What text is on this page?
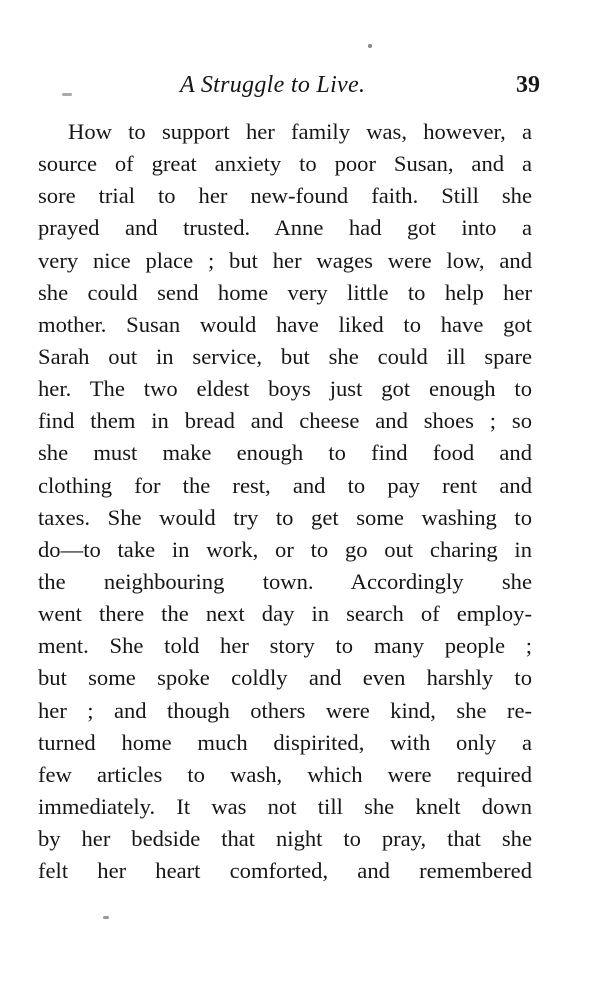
A Struggle to Live.	39
How to support her family was, however, a
source of great anxiety to poor Susan, and a
sore trial to her new-found faith. Still she
prayed and trusted. Anne had got into a
very nice place ; but her wages were low, and
she could send home very little to help her
mother. Susan would have liked to have got
Sarah out in service, but she could ill spare
her. The two eldest boys just got enough to
find them in bread and cheese and shoes ; so
she must make enough to find food and
clothing for the rest, and to pay rent and
taxes. She would try to get some washing to
do—to take in work, or to go out charing in
the neighbouring town. Accordingly she
went there the next day in search of employ-
ment. She told her story to many people ;
but some spoke coldly and even harshly to
her ; and though others were kind, she re-
turned home much dispirited, with only a
few articles to wash, which were required
immediately. It was not till she knelt down
by her bedside that night to pray, that she
felt her heart comforted, and remembered
